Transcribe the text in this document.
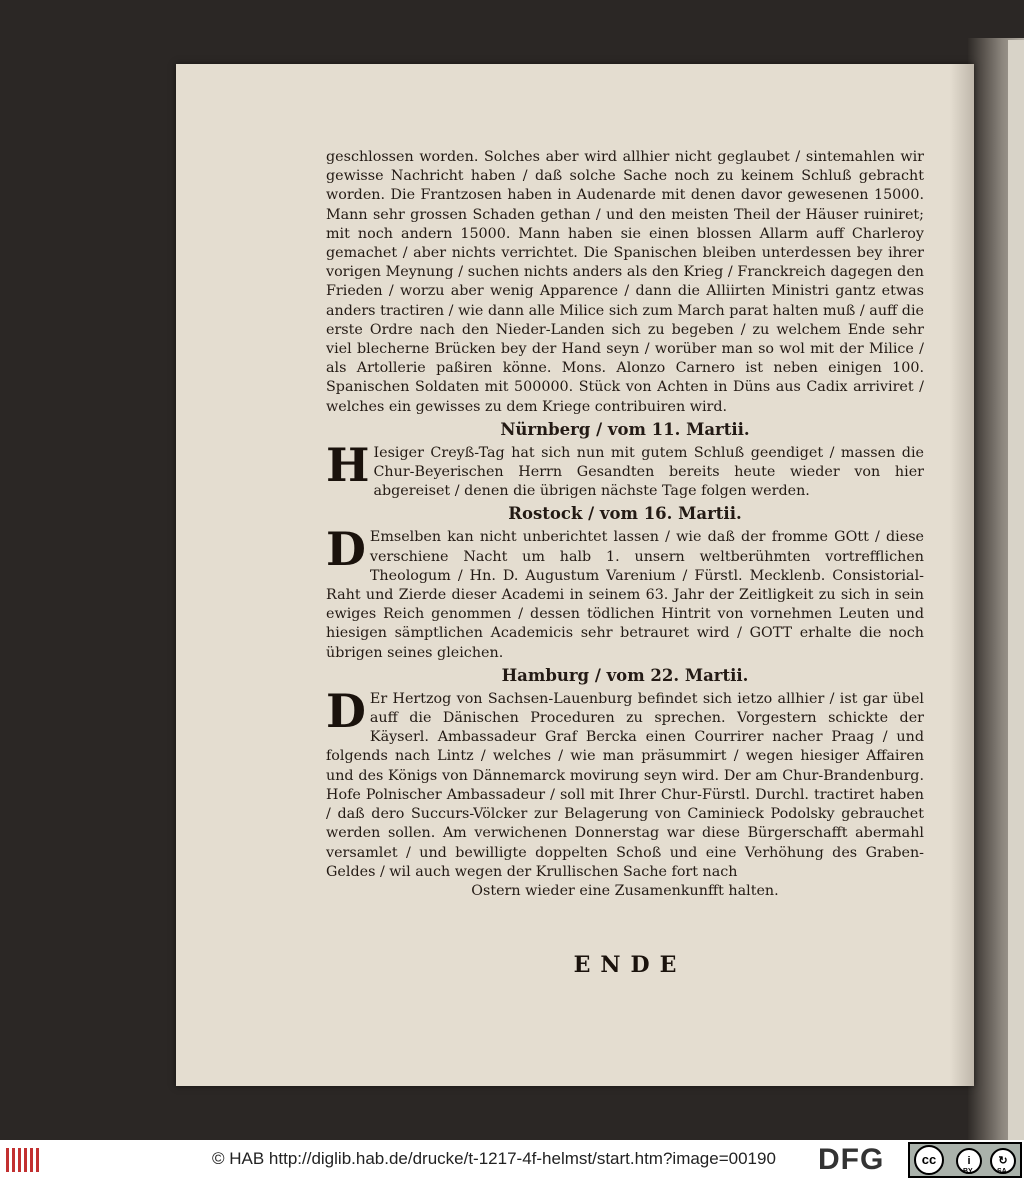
geschlossen worden. Solches aber wird allhier nicht geglaubet / sintemahlen wir gewisse Nachricht haben / daß solche Sache noch zu keinem Schluß gebracht worden. Die Frantzosen haben in Audenarde mit denen davor gewesenen 15000. Mann sehr grossen Schaden gethan / und den meisten Theil der Häuser ruiniret; mit noch andern 15000. Mann haben sie einen blossen Allarm auff Charleroy gemachet / aber nichts verrichtet. Die Spanischen bleiben unterdessen bey ihrer vorigen Meynung / suchen nichts anders als den Krieg / Franckreich dagegen den Frieden / worzu aber wenig Apparence / dann die Alliirten Ministri gantz etwas anders tractiren / wie dann alle Milice sich zum March parat halten muß / auff die erste Ordre nach den Nieder-Landen sich zu begeben / zu welchem Ende sehr viel blecherne Brücken bey der Hand seyn / worüber man so wol mit der Milice / als Artollerie paßiren könne. Mons. Alonzo Carnero ist neben einigen 100. Spanischen Soldaten mit 500000. Stück von Achten in Düns aus Cadix arriviret / welches ein gewisses zu dem Kriege contribuiren wird.

Nürnberg / vom 11. Martii.

H Iesiger Creyß-Tag hat sich nun mit gutem Schluß geendiget / massen die Chur-Beyerischen Herrn Gesandten bereits heute wieder von hier abgereiset / denen die übrigen nächste Tage folgen werden.

Rostock / vom 16. Martii.

D Emselben kan nicht unberichtet lassen / wie daß der fromme GOtt / diese verschiene Nacht um halb 1. unsern weltberühmten vortrefflichen Theologum / Hn. D. Augustum Varenium / Fürstl. Mecklenb. Consistorial-Raht und Zierde dieser Academi in seinem 63. Jahr der Zeitligkeit zu sich in sein ewiges Reich genommen / dessen tödlichen Hintrit von vornehmen Leuten und hiesigen sämptlichen Academicis sehr betrauret wird / GOTT erhalte die noch übrigen seines gleichen.

Hamburg / vom 22. Martii.

D Er Hertzog von Sachsen-Lauenburg befindet sich ietzo allhier / ist gar übel auff die Dänischen Proceduren zu sprechen. Vorgestern schickte der Käyserl. Ambassadeur Graf Bercka einen Courrirer nacher Praag / und folgends nach Lintz / welches / wie man präsummirt / wegen hiesiger Affairen und des Königs von Dännemarck movirung seyn wird. Der am Chur-Brandenburg. Hofe Polnischer Ambassadeur / soll mit Ihrer Chur-Fürstl. Durchl. tractiret haben / daß dero Succurs-Völcker zur Belagerung von Caminieck Podolsky gebrauchet werden sollen. Am verwichenen Donnerstag war diese Bürgerschafft abermahl versamlet / und bewilligte doppelten Schoß und eine Verhöhung des Graben-Geldes / wil auch wegen der Krullischen Sache fort nach
Ostern wieder eine Zusamenkunfft halten.

ENDE
© HAB http://diglib.hab.de/drucke/t-1217-4f-helmst/start.htm?image=00190 DFG	cc	i	↻
BY	SA
